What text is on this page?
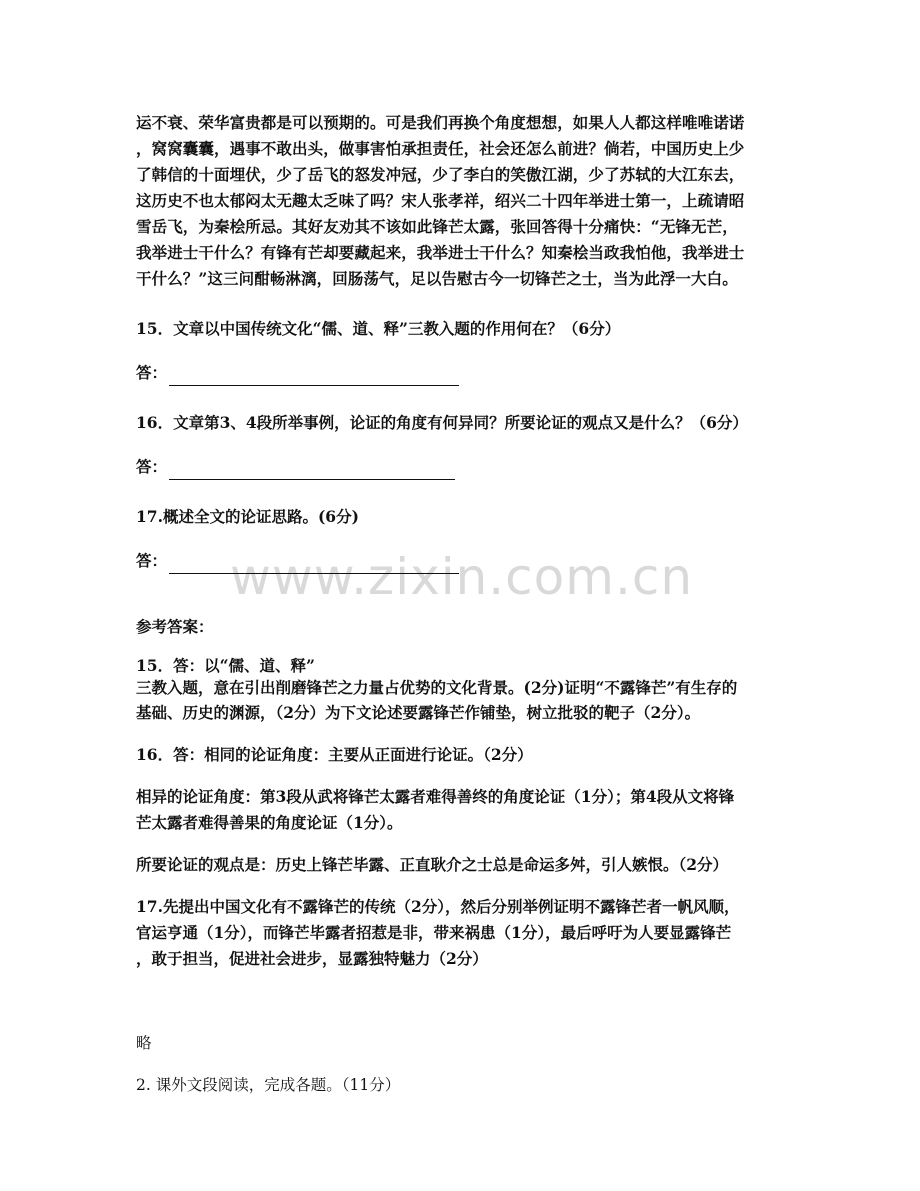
www.zixin.com.cn

运不衰、荣华富贵都是可以预期的。可是我们再换个角度想想，如果人人都这样唯唯诺诺

，窝窝囊囊，遇事不敢出头，做事害怕承担责任，社会还怎么前进？倘若，中国历史上少

了韩信的十面埋伏，少了岳飞的怒发冲冠，少了李白的笑傲江湖，少了苏轼的大江东去，

这历史不也太郁闷太无趣太乏味了吗？宋人张孝祥，绍兴二十四年举进士第一，上疏请昭

雪岳飞，为秦桧所忌。其好友劝其不该如此锋芒太露，张回答得十分痛快：“无锋无芒，

我举进士干什么？有锋有芒却要藏起来，我举进士干什么？知秦桧当政我怕他，我举进士

干什么？”这三问酣畅淋漓，回肠荡气，足以告慰古今一切锋芒之士，当为此浮一大白。

15．文章以中国传统文化“儒、道、释”三教入题的作用何在？（6分）

答：

16．文章第3、4段所举事例，论证的角度有何异同？所要论证的观点又是什么？（6分）

答：

17.概述全文的论证思路。(6分)

答：

参考答案：

15．答：以“儒、道、释”

三教入题，意在引出削磨锋芒之力量占优势的文化背景。(2分)证明“不露锋芒”有生存的

基础、历史的渊源，（2分）为下文论述要露锋芒作铺垫，树立批驳的靶子（2分）。

16．答：相同的论证角度：主要从正面进行论证。（2分）

相异的论证角度：第3段从武将锋芒太露者难得善终的角度论证（1分）；第4段从文将锋

芒太露者难得善果的角度论证（1分）。

所要论证的观点是：历史上锋芒毕露、正直耿介之士总是命运多舛，引人嫉恨。（2分）

17.先提出中国文化有不露锋芒的传统（2分），然后分别举例证明不露锋芒者一帆风顺，

官运亨通（1分），而锋芒毕露者招惹是非，带来祸患（1分），最后呼吁为人要显露锋芒

，敢于担当，促进社会进步，显露独特魅力（2分）

略

2. 课外文段阅读，完成各题。（11分）
